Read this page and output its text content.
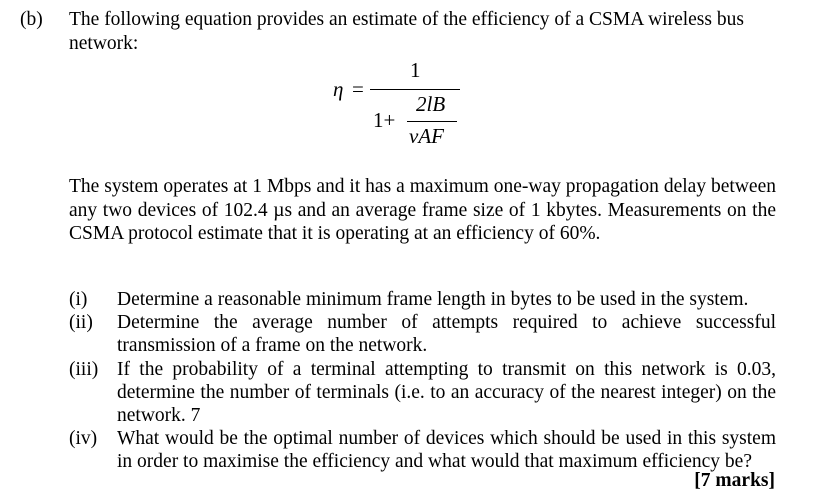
(b) The following equation provides an estimate of the efficiency of a CSMA wireless bus network:
η =
1
1+
2lB
vAF
The system operates at 1 Mbps and it has a maximum one-way propagation delay between any two devices of 102.4 µs and an average frame size of 1 kbytes. Measurements on the CSMA protocol estimate that it is operating at an efficiency of 60%.
(i) Determine a reasonable minimum frame length in bytes to be used in the system.
(ii) Determine the average number of attempts required to achieve successful transmission of a frame on the network.
(iii) If the probability of a terminal attempting to transmit on this network is 0.03, determine the number of terminals (i.e. to an accuracy of the nearest integer) on the network. 7
(iv) What would be the optimal number of devices which should be used in this system in order to maximise the efficiency and what would that maximum efficiency be?
[7 marks]
